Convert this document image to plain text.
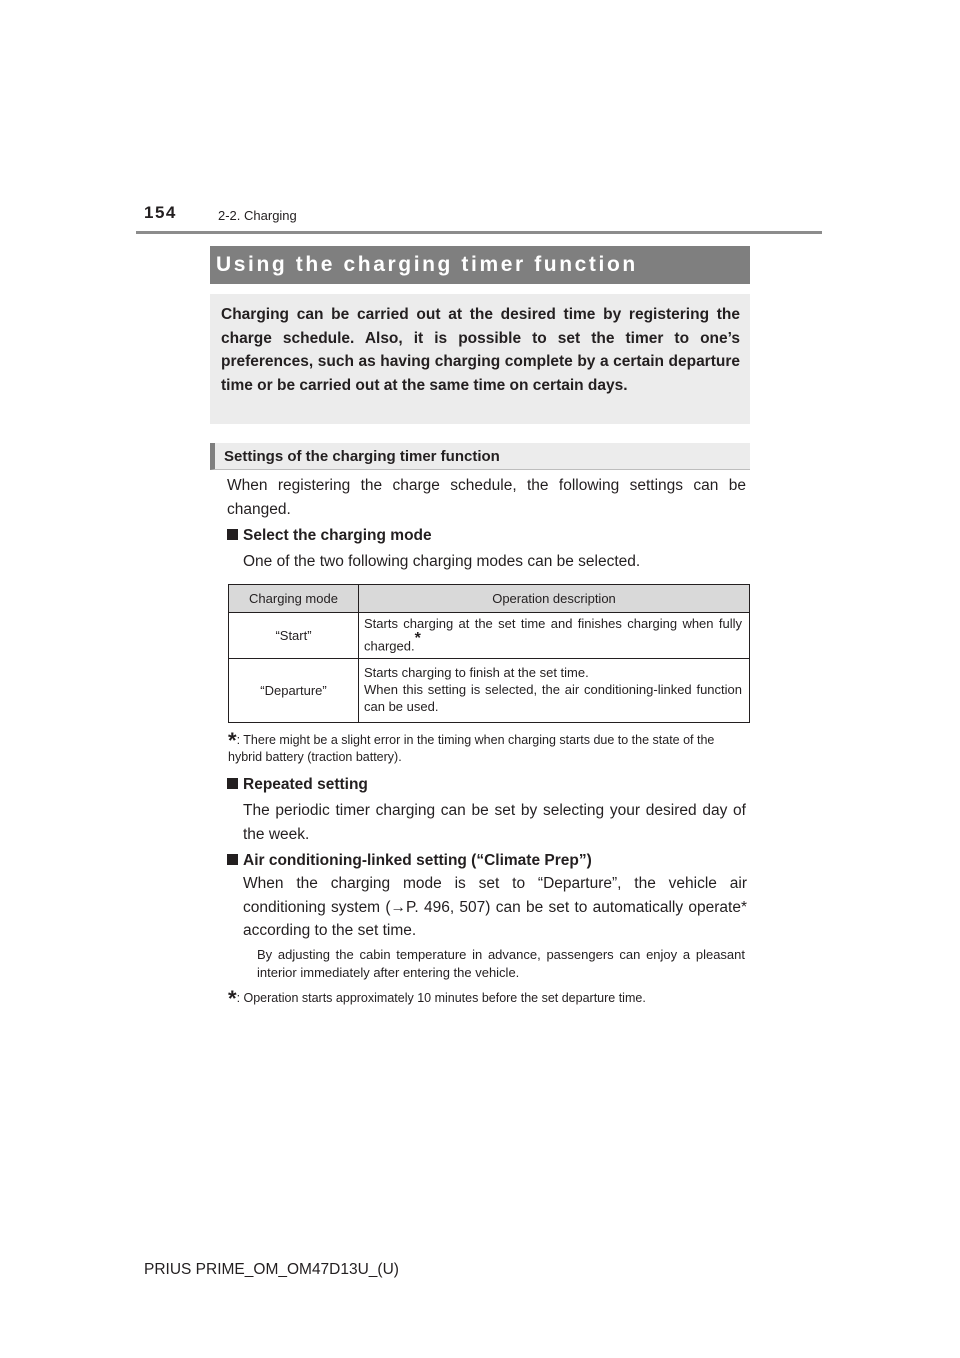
154	2-2. Charging
Using the charging timer function
Charging can be carried out at the desired time by registering the charge schedule. Also, it is possible to set the timer to one’s preferences, such as having charging complete by a certain departure time or be carried out at the same time on certain days.
Settings of the charging timer function
When registering the charge schedule, the following settings can be changed.
Select the charging mode
One of the two following charging modes can be selected.
Charging mode	Operation description
“Start”	Starts charging at the set time and finishes charging when fully charged.*
“Departure”	Starts charging to finish at the set time.
When this setting is selected, the air conditioning-linked function can be used.
*: There might be a slight error in the timing when charging starts due to the state of the hybrid battery (traction battery).
Repeated setting
The periodic timer charging can be set by selecting your desired day of the week.
Air conditioning-linked setting (“Climate Prep”)
When the charging mode is set to “Departure”, the vehicle air conditioning system (→P. 496, 507) can be set to automatically operate* according to the set time.
By adjusting the cabin temperature in advance, passengers can enjoy a pleasant interior immediately after entering the vehicle.
*: Operation starts approximately 10 minutes before the set departure time.
PRIUS PRIME_OM_OM47D13U_(U)
